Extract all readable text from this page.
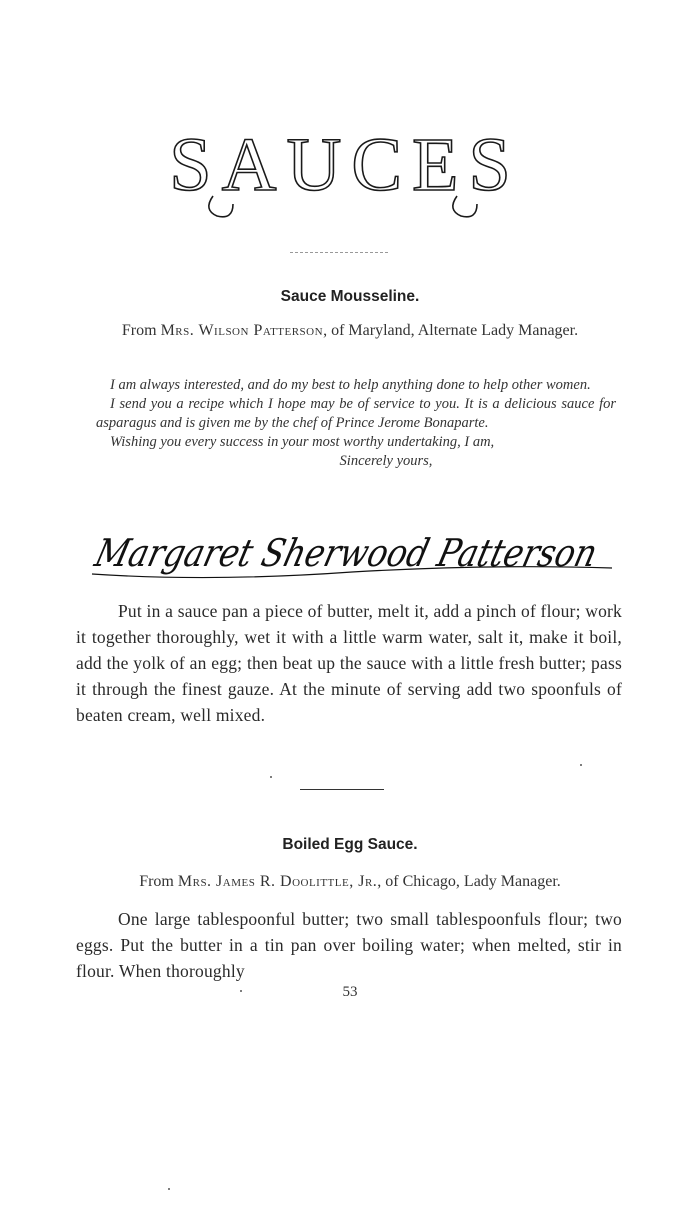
SAUCES
Sauce Mousseline.
From Mrs. Wilson Patterson, of Maryland, Alternate Lady Manager.

I am always interested, and do my best to help anything done to help other women.

I send you a recipe which I hope may be of service to you. It is a delicious sauce for asparagus and is given me by the chef of Prince Jerome Bonaparte.

Wishing you every success in your most worthy undertaking, I am,

Sincerely yours,

Margaret Sherwood Patterson

Put in a sauce pan a piece of butter, melt it, add a pinch of flour; work it together thoroughly, wet it with a little warm water, salt it, make it boil, add the yolk of an egg; then beat up the sauce with a little fresh butter; pass it through the finest gauze. At the minute of serving add two spoonfuls of beaten cream, well mixed.

Boiled Egg Sauce.
From Mrs. James R. Doolittle, Jr., of Chicago, Lady Manager.

One large tablespoonful butter; two small tablespoonfuls flour; two eggs. Put the butter in a tin pan over boiling water; when melted, stir in flour. When thoroughly

53
